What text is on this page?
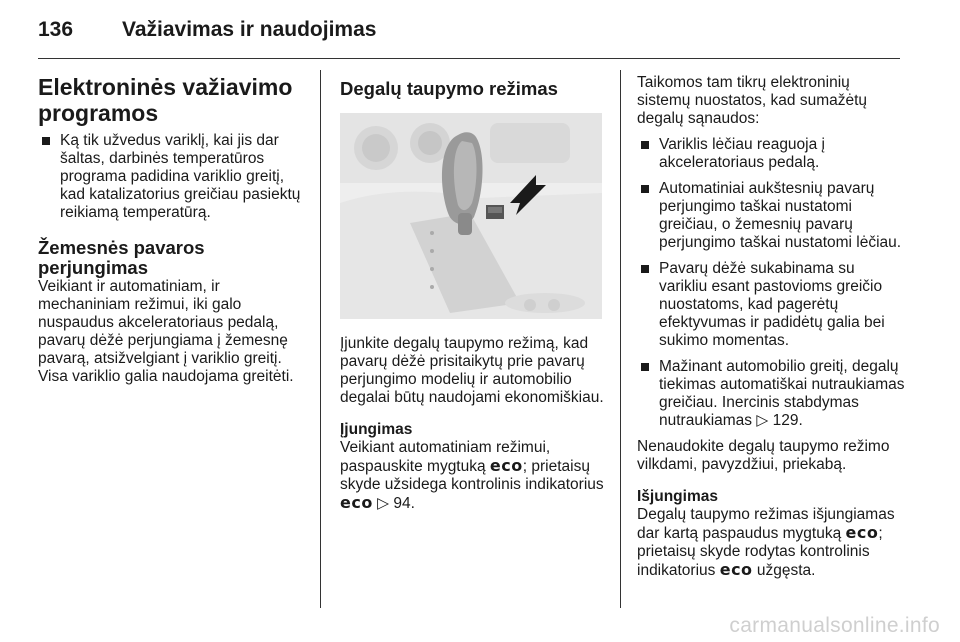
136 Važiavimas ir naudojimas
Elektroninės važiavimo programos
Ką tik užvedus variklį, kai jis dar šaltas, darbinės temperatūros programa padidina variklio greitį, kad katalizatorius greičiau pasiektų reikiamą temperatūrą.
Žemesnės pavaros perjungimas

Veikiant ir automatiniam, ir mechaniniam režimui, iki galo nuspaudus akceleratoriaus pedalą, pavarų dėžė perjungiama į žemesnę pavarą, atsižvelgiant į variklio greitį. Visa variklio galia naudojama greitėti.

Degalų taupymo režimas

Įjunkite degalų taupymo režimą, kad pavarų dėžė prisitaikytų prie pavarų perjungimo modelių ir automobilio degalai būtų naudojami ekonomiškiau.

Įjungimas

Veikiant automatiniam režimui, paspauskite mygtuką eco; prietaisų skyde užsidega kontrolinis indikatorius eco ▷ 94.

Taikomos tam tikrų elektroninių sistemų nuostatos, kad sumažėtų degalų sąnaudos:

Variklis lėčiau reaguoja į akceleratoriaus pedalą.
Automatiniai aukštesnių pavarų perjungimo taškai nustatomi greičiau, o žemesnių pavarų perjungimo taškai nustatomi lėčiau.
Pavarų dėžė sukabinama su varikliu esant pastovioms greičio nuostatoms, kad pagerėtų efektyvumas ir padidėtų galia bei sukimo momentas.
Mažinant automobilio greitį, degalų tiekimas automatiškai nutraukiamas greičiau. Inercinis stabdymas nutraukiamas ▷ 129.

Nenaudokite degalų taupymo režimo vilkdami, pavyzdžiui, priekabą.

Išjungimas

Degalų taupymo režimas išjungiamas dar kartą paspaudus mygtuką eco; prietaisų skyde rodytas kontrolinis indikatorius eco užgęsta.

carmanualsonline.info
